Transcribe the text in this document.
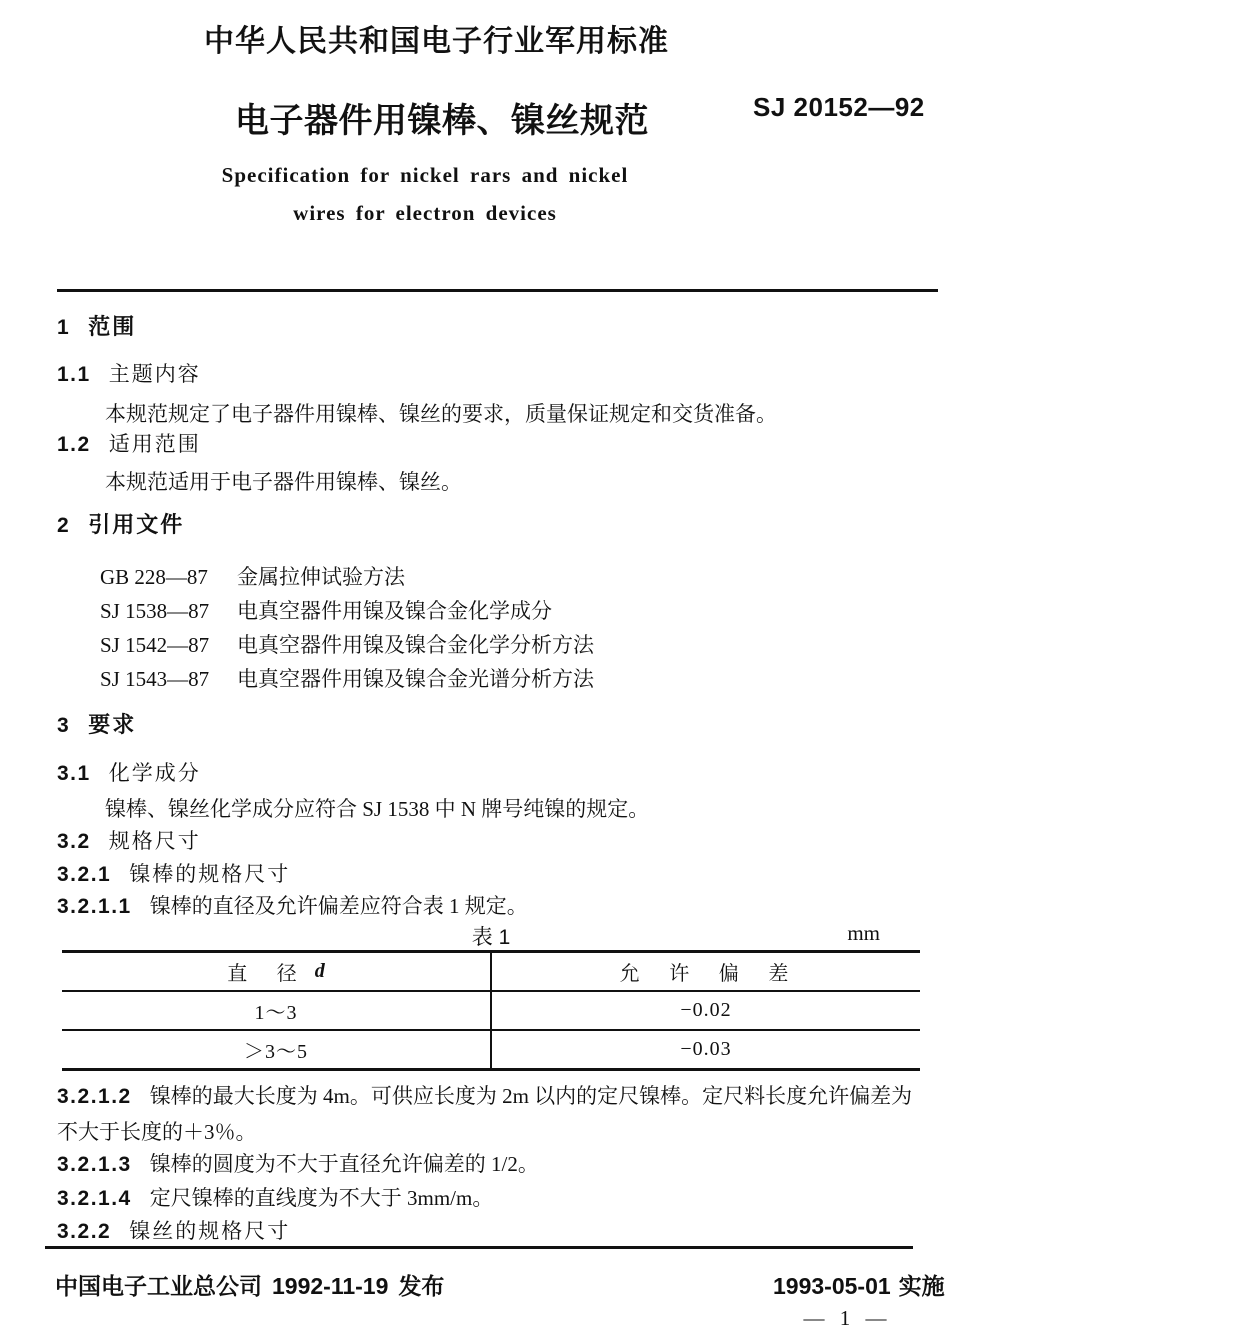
中华人民共和国电子行业军用标准
电子器件用镍棒、镍丝规范	SJ 20152—92
Specification for nickel rars and nickel
wires for electron devices
1 范围
1.1 主题内容
本规范规定了电子器件用镍棒、镍丝的要求，质量保证规定和交货准备。
1.2 适用范围
本规范适用于电子器件用镍棒、镍丝。
2 引用文件
GB 228—87 金属拉伸试验方法
SJ 1538—87 电真空器件用镍及镍合金化学成分
SJ 1542—87 电真空器件用镍及镍合金化学分析方法
SJ 1543—87 电真空器件用镍及镍合金光谱分析方法
3 要求
3.1 化学成分
镍棒、镍丝化学成分应符合 SJ 1538 中 N 牌号纯镍的规定。
3.2 规格尺寸
3.2.1 镍棒的规格尺寸
3.2.1.1 镍棒的直径及允许偏差应符合表 1 规定。
表 1	mm
直 径 d	允 许 偏 差
1～3	−0.02
＞3～5	−0.03
3.2.1.2 镍棒的最大长度为 4m。可供应长度为 2m 以内的定尺镍棒。定尺料长度允许偏差为
不大于长度的＋3％。
3.2.1.3 镍棒的圆度为不大于直径允许偏差的 1/2。
3.2.1.4 定尺镍棒的直线度为不大于 3mm/m。
3.2.2 镍丝的规格尺寸
中国电子工业总公司 1992-11-19 发布	1993-05-01 实施
— 1 —
